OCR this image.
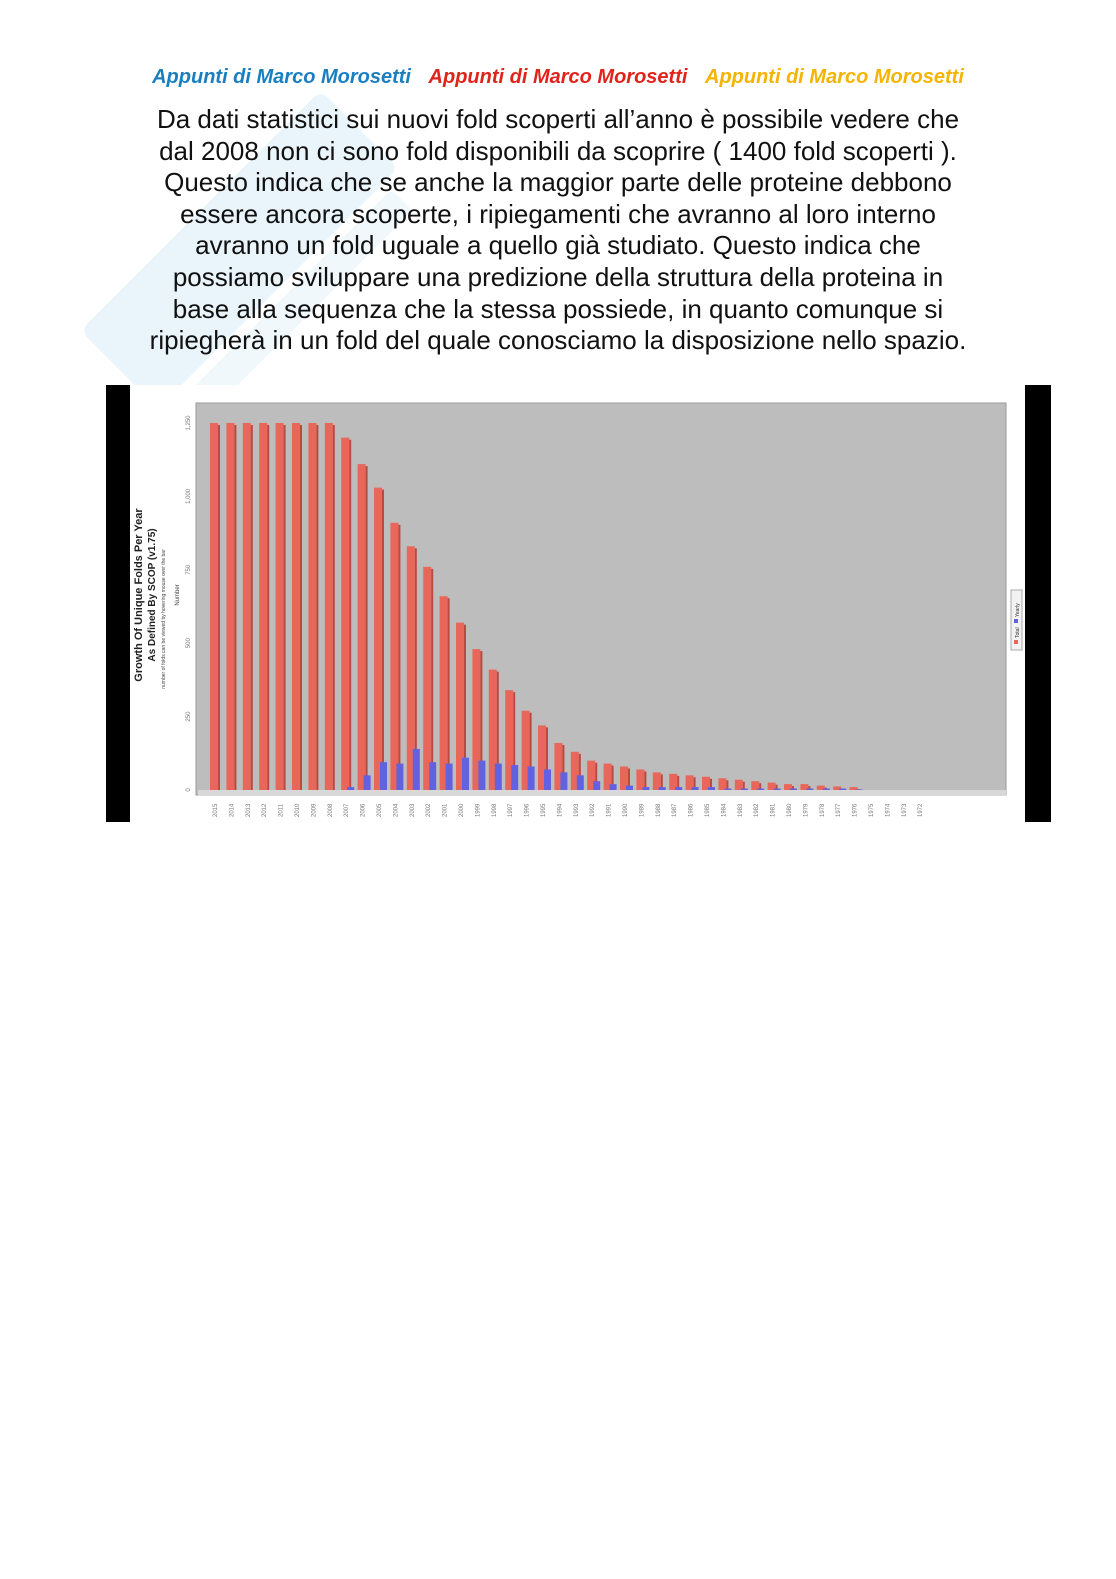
Appunti di Marco Morosetti Appunti di Marco Morosetti Appunti di Marco Morosetti
Da dati statistici sui nuovi fold scoperti all’anno è possibile vedere che
dal 2008 non ci sono fold disponibili da scoprire ( 1400 fold scoperti ).
Questo indica che se anche la maggior parte delle proteine debbono
essere ancora scoperte, i ripiegamenti che avranno al loro interno
avranno un fold uguale a quello già studiato. Questo indica che
possiamo sviluppare una predizione della struttura della proteina in
base alla sequenza che la stessa possiede, in quanto comunque si
ripiegherà in un fold del quale conosciamo la disposizione nello spazio.
0
250
500
750
1,000
1,250
2015 2014 2013 2012 2011 2010 2009 2008 2007 2006 2005 2004 2003 2002 2001 2000 1999 1998 1997 1996 1995 1994 1993 1992 1991 1990 1989 1988 1987 1986 1985 1984 1983 1982 1981 1980 1979 1978 1977 1976 1975 1974 1973 1972
Growth Of Unique Folds Per Year As Defined By SCOP (v1.75) number of folds can be viewed by hovering mouse over the bar Number
Total
Yearly
